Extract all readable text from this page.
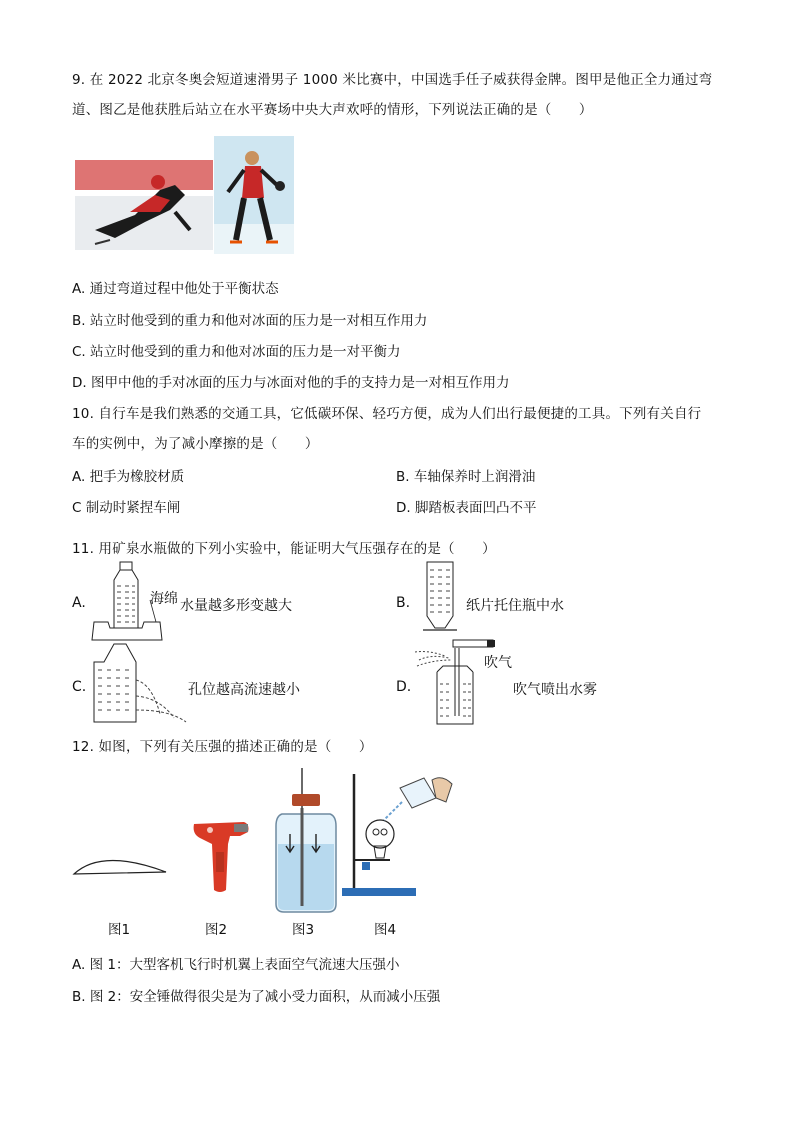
9. 在 2022 北京冬奥会短道速滑男子 1000 米比赛中，中国选手任子威获得金牌。图甲是他正全力通过弯
道、图乙是他获胜后站立在水平赛场中央大声欢呼的情形，下列说法正确的是（　　）
A. 通过弯道过程中他处于平衡状态
B. 站立时他受到的重力和他对冰面的压力是一对相互作用力
C. 站立时他受到的重力和他对冰面的压力是一对平衡力
D. 图甲中他的手对冰面的压力与冰面对他的手的支持力是一对相互作用力
10. 自行车是我们熟悉的交通工具，它低碳环保、轻巧方便，成为人们出行最便捷的工具。下列有关自行
车的实例中，为了减小摩擦的是（　　）
A. 把手为橡胶材质	B. 车轴保养时上润滑油
C 制动时紧捏车闸	D. 脚踏板表面凹凸不平
11. 用矿泉水瓶做的下列小实验中，能证明大气压强存在的是（　　）
A.	海绵 水量越多形变越大	B.	纸片托住瓶中水
C.	孔位越高流速越小	D.
吹气
吹气喷出水雾
12. 如图，下列有关压强的描述正确的是（　　）
图1	图2	图3	图4
A. 图 1：大型客机飞行时机翼上表面空气流速大压强小
B. 图 2：安全锤做得很尖是为了减小受力面积，从而减小压强
